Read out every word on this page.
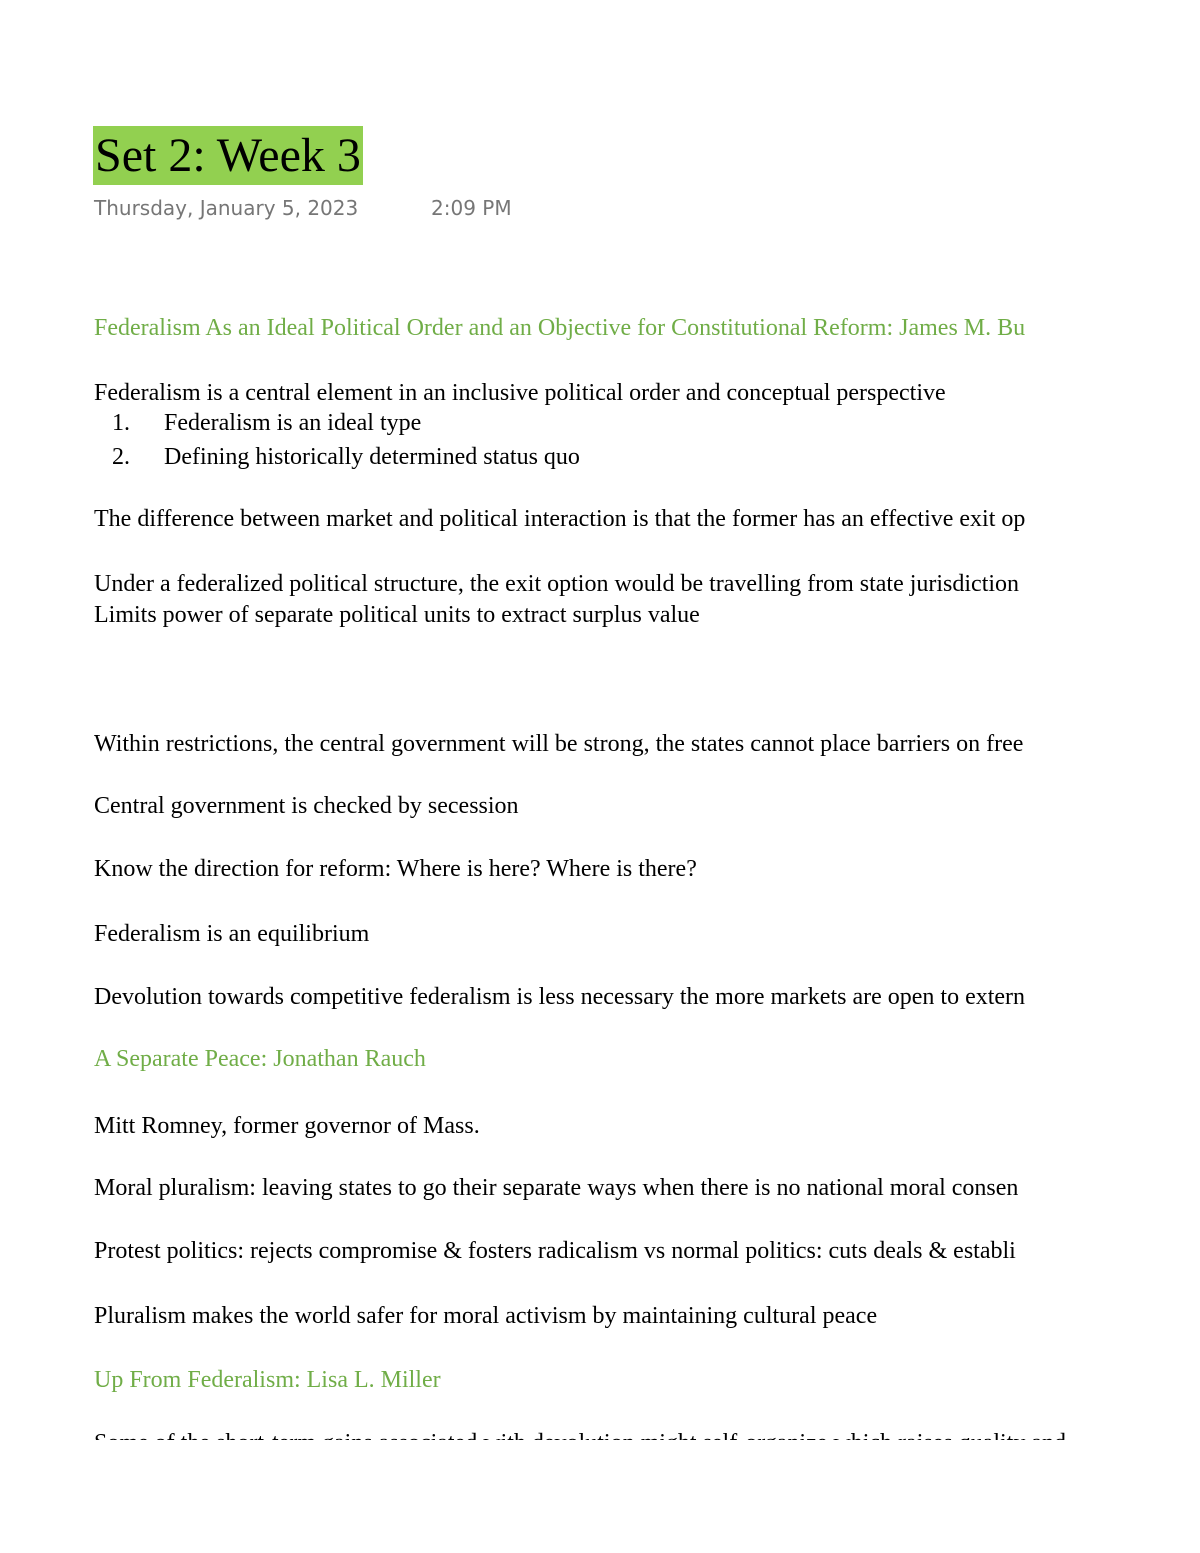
Set 2: Week 3
Thursday, January 5, 2023	2:09 PM
Federalism As an Ideal Political Order and an Objective for Constitutional Reform: James M. Bu
Federalism is a central element in an inclusive political order and conceptual perspective
1. Federalism is an ideal type
2. Defining historically determined status quo
The difference between market and political interaction is that the former has an effective exit op
Under a federalized political structure, the exit option would be travelling from state jurisdiction
Limits power of separate political units to extract surplus value
Within restrictions, the central government will be strong, the states cannot place barriers on free
Central government is checked by secession
Know the direction for reform: Where is here? Where is there?
Federalism is an equilibrium
Devolution towards competitive federalism is less necessary the more markets are open to extern
A Separate Peace: Jonathan Rauch
Mitt Romney, former governor of Mass.
Moral pluralism: leaving states to go their separate ways when there is no national moral consen
Protest politics: rejects compromise & fosters radicalism vs normal politics: cuts deals & establi
Pluralism makes the world safer for moral activism by maintaining cultural peace
Up From Federalism: Lisa L. Miller
